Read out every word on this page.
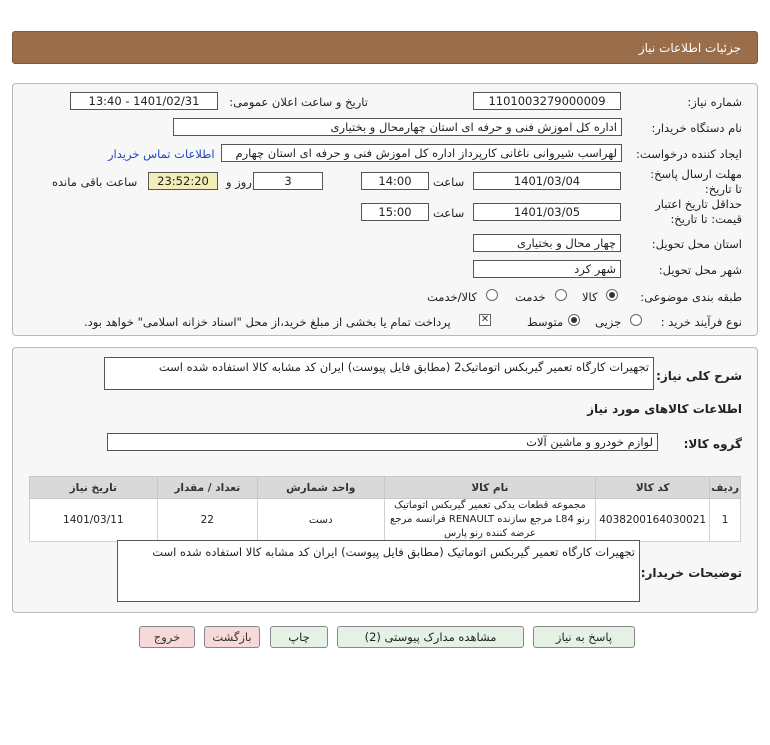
جزئیات اطلاعات نیاز
شماره نیاز:
1101003279000009
تاریخ و ساعت اعلان عمومی:
1401/02/31 - 13:40
نام دستگاه خریدار:
اداره کل اموزش فنی و حرفه ای استان چهارمحال و بختیاری
ایجاد کننده درخواست:
لهراسب شیروانی ناغانی کارپرداز اداره کل اموزش فنی و حرفه ای استان چهارم
اطلاعات تماس خریدار
مهلت ارسال پاسخ: تا تاریخ:
1401/03/04
ساعت
14:00
3
روز و
23:52:20
ساعت باقی مانده
حداقل تاریخ اعتبار قیمت: تا تاریخ:
1401/03/05
ساعت
15:00
استان محل تحویل:
چهار محال و بختیاری
شهر محل تحویل:
شهر کرد
طبقه بندی موضوعی:
کالا
خدمت
کالا/خدمت
نوع فرآیند خرید :
جزیی
متوسط
✕
پرداخت تمام یا بخشی از مبلغ خرید،از محل "اسناد خزانه اسلامی" خواهد بود.
شرح کلی نیاز:
تجهیرات کارگاه تعمیر گیربکس اتوماتیک2 (مطابق فایل پیوست) ایران کد مشابه کالا استفاده شده است
اطلاعات کالاهای مورد نیاز
گروه کالا:
لوازم خودرو و ماشین آلات
ردیف	کد کالا	نام کالا	واحد شمارش	تعداد / مقدار	تاریخ نیاز
1	4038200164030021	مجموعه قطعات یدکی تعمیر گیربکس اتوماتیک رنو L84 مرجع سازنده RENAULT فرانسه مرجع عرضه کننده رنو پارس	دست	22	1401/03/11
توضیحات خریدار:
تجهیرات کارگاه تعمیر گیربکس اتوماتیک (مطابق فایل پیوست) ایران کد مشابه کالا استفاده شده است
پاسخ به نیاز
مشاهده مدارک پیوستی (2)
چاپ
بازگشت
خروج
